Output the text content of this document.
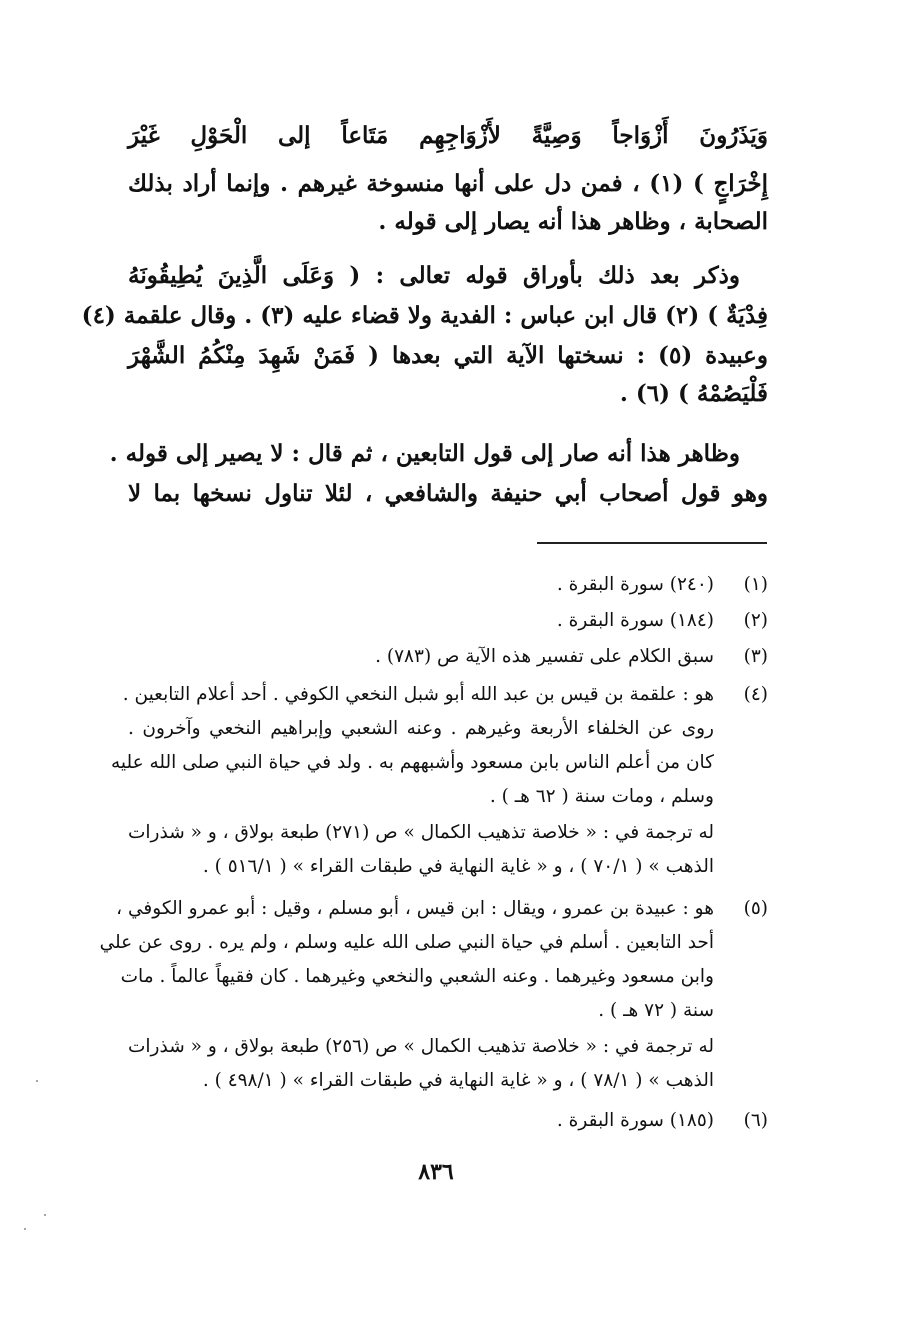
وَيَذَرُونَ أَزْوَاجاً وَصِيَّةً لأَزْوَاجِهِم مَتَاعاً إلى الْحَوْلِ غَيْرَ
إِخْرَاجٍ ) (١) ، فمن دل على أنها منسوخة غيرهم . وإنما أراد بذلك
الصحابة ، وظاهر هذا أنه يصار إلى قوله .
وذكر بعد ذلك بأوراق قوله تعالى : ( وَعَلَى الَّذِينَ يُطِيقُونَهُ
فِدْيَةٌ ) (٢) قال ابن عباس : الفدية ولا قضاء عليه (٣) . وقال علقمة (٤)
وعبيدة (٥) : نسختها الآية التي بعدها ( فَمَنْ شَهِدَ مِنْكُمُ الشَّهْرَ
فَلْيَصُمْهُ ) (٦) .
وظاهر هذا أنه صار إلى قول التابعين ، ثم قال : لا يصير إلى قوله .
وهو قول أصحاب أبي حنيفة والشافعي ، لئلا تناول نسخها بما لا
(١)
(٢٤٠) سورة البقرة .
(٢)
(١٨٤) سورة البقرة .
(٣)
سبق الكلام على تفسير هذه الآية ص (٧٨٣) .
(٤)
هو : علقمة بن قيس بن عبد الله أبو شبل النخعي الكوفي . أحد أعلام التابعين .
روى عن الخلفاء الأربعة وغيرهم . وعنه الشعبي وإبراهيم النخعي وآخرون .
كان من أعلم الناس بابن مسعود وأشبههم به . ولد في حياة النبي صلى الله عليه
وسلم ، ومات سنة ( ٦٢ هـ ) .
له ترجمة في : « خلاصة تذهيب الكمال » ص (٢٧١) طبعة بولاق ، و « شذرات
الذهب » ( ٧٠/١ ) ، و « غاية النهاية في طبقات القراء » ( ٥١٦/١ ) .
(٥)
هو : عبيدة بن عمرو ، ويقال : ابن قيس ، أبو مسلم ، وقيل : أبو عمرو الكوفي ،
أحد التابعين . أسلم في حياة النبي صلى الله عليه وسلم ، ولم يره . روى عن علي
وابن مسعود وغيرهما . وعنه الشعبي والنخعي وغيرهما . كان فقيهاً عالماً . مات
سنة ( ٧٢ هـ ) .
له ترجمة في : « خلاصة تذهيب الكمال » ص (٢٥٦) طبعة بولاق ، و « شذرات
الذهب » ( ٧٨/١ ) ، و « غاية النهاية في طبقات القراء » ( ٤٩٨/١ ) .
(٦)
(١٨٥) سورة البقرة .
٨٣٦
